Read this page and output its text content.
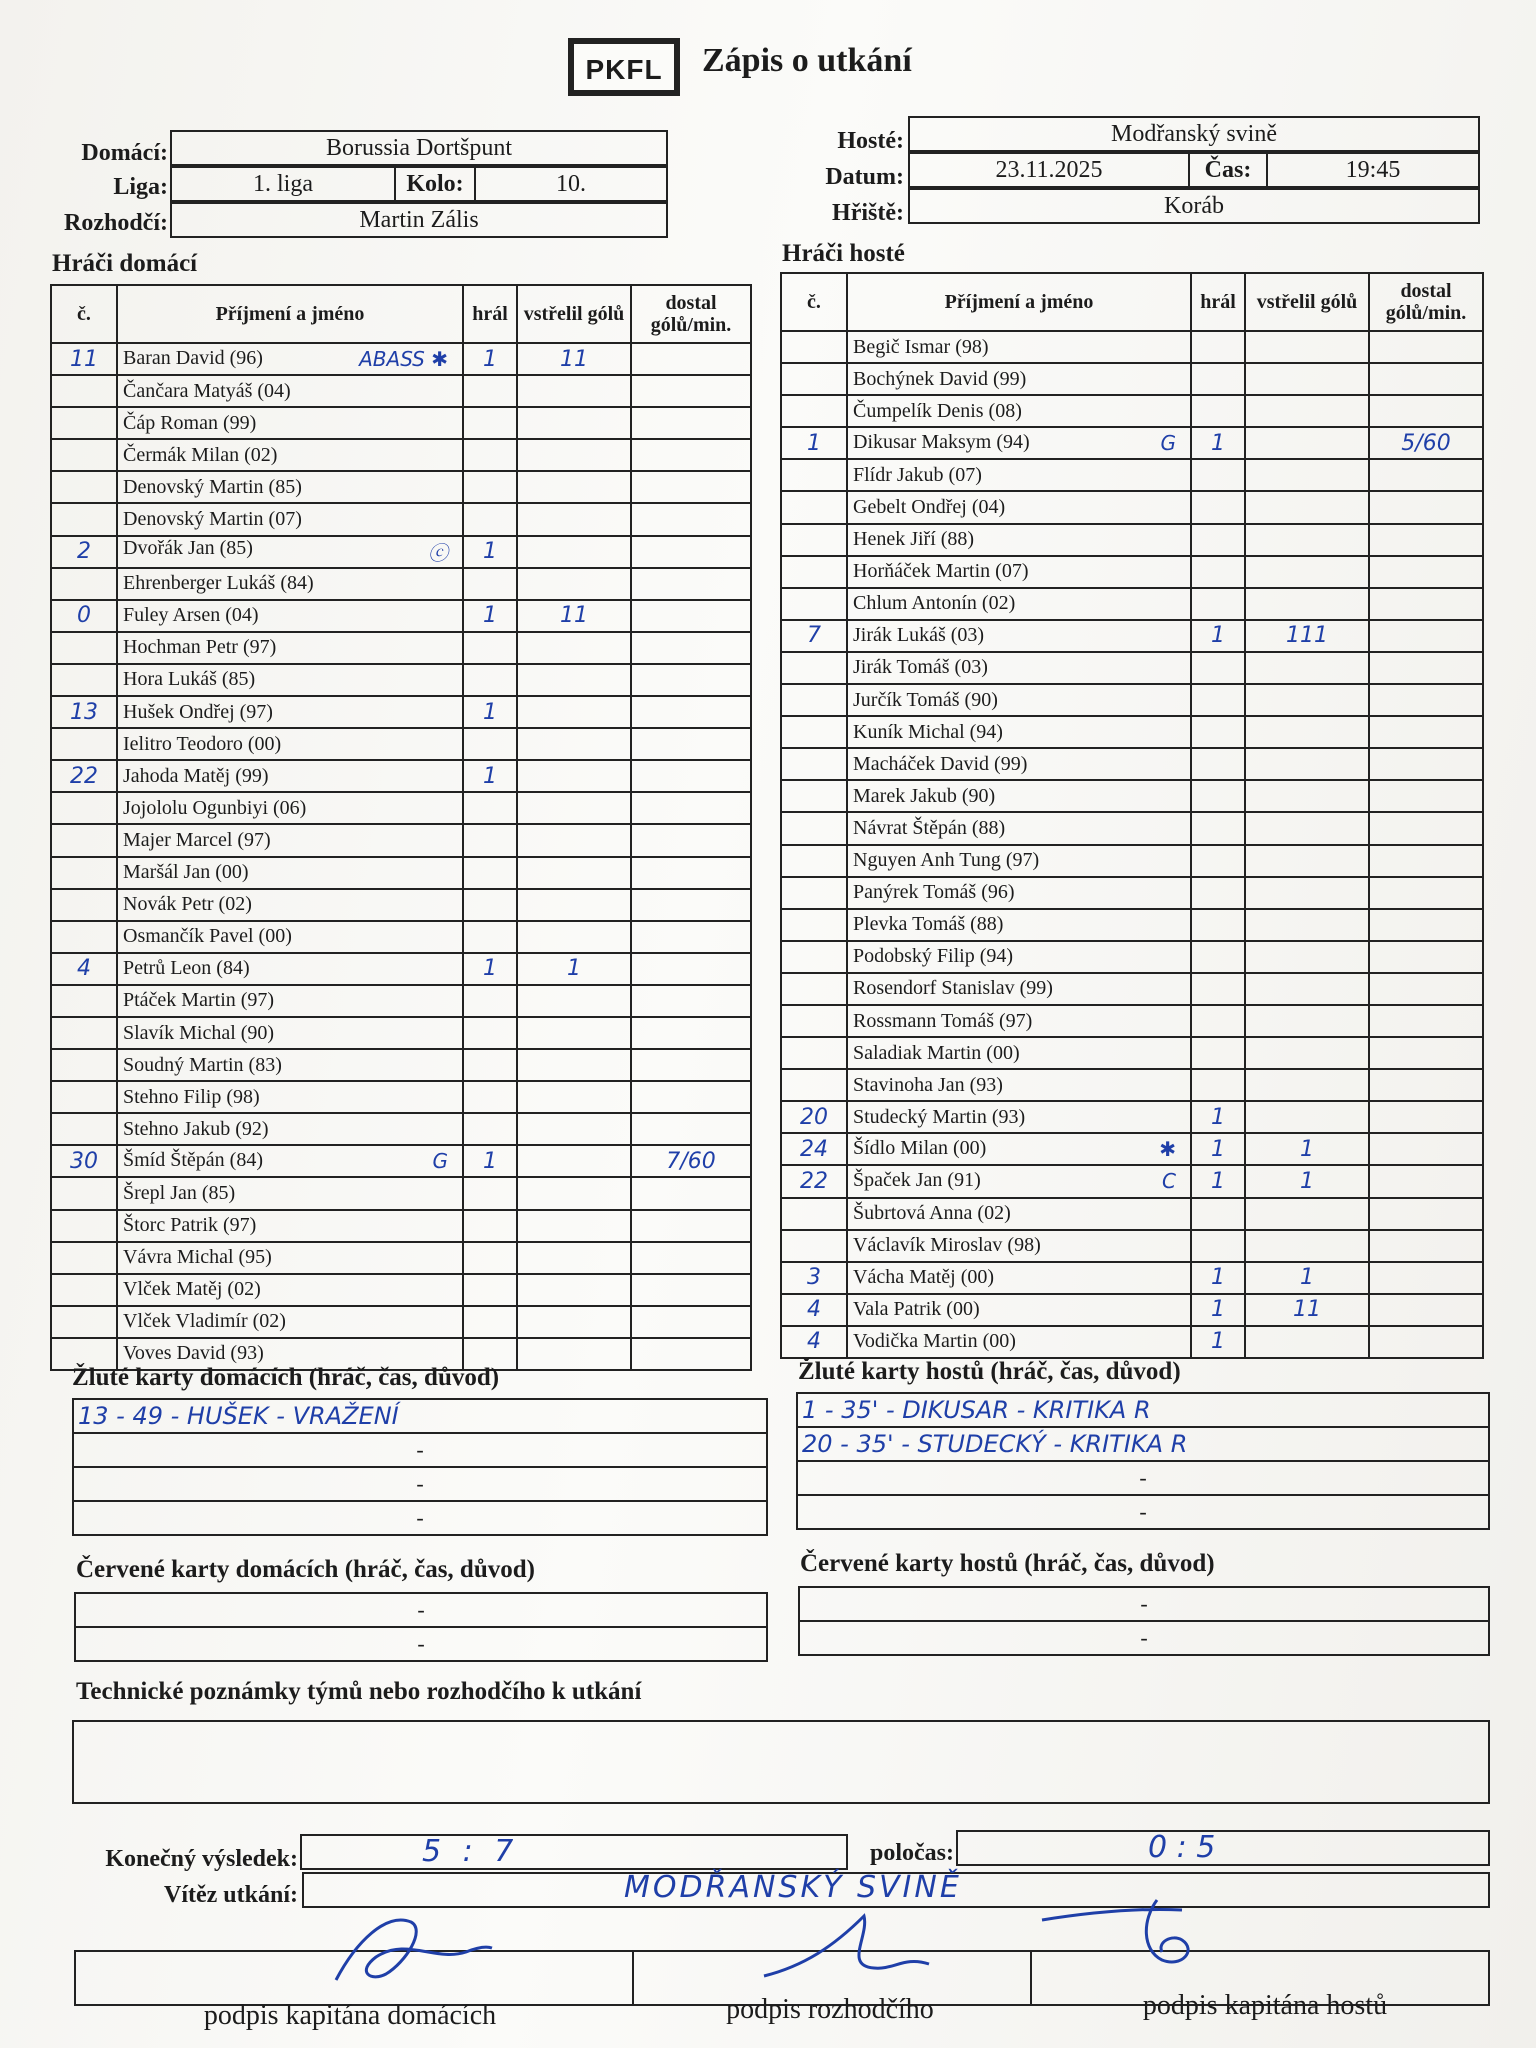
PKFL	Zápis o utkání
Domácí:	Borussia Dortšpunt
Liga:	1. liga	Kolo:	10.
Rozhodčí:	Martin Zális
Hosté:	Modřanský svině
Datum:	23.11.2025	Čas:	19:45
Hřiště:	Koráb
Hráči domácí	Hráči hosté
č.	Příjmení a jméno	hrál	vstřelil gólů	dostal gólů/min.
11	Baran David (96) ABASS ✱	1	11	
	Čančara Matyáš (04)

	Čáp Roman (99)

	Čermák Milan (02)

	Denovský Martin (85)

	Denovský Martin (07)

2	Dvořák Jan (85) ⓒ	1		
	Ehrenberger Lukáš (84)

0	Fuley Arsen (04)	1	11	
	Hochman Petr (97)

	Hora Lukáš (85)

13	Hušek Ondřej (97)	1		
	Ielitro Teodoro (00)

22	Jahoda Matěj (99)	1		
	Jojololu Ogunbiyi (06)

	Majer Marcel (97)

	Maršál Jan (00)

	Novák Petr (02)

	Osmančík Pavel (00)

4	Petrů Leon (84)	1	1	
	Ptáček Martin (97)

	Slavík Michal (90)

	Soudný Martin (83)

	Stehno Filip (98)

	Stehno Jakub (92)

30	Šmíd Štěpán (84) G	1		7/60
	Šrepl Jan (85)

	Štorc Patrik (97)

	Vávra Michal (95)

	Vlček Matěj (02)

	Vlček Vladimír (02)

	Voves David (93)

č.	Příjmení a jméno	hrál	vstřelil gólů	dostal gólů/min.
	Begič Ismar (98)

	Bochýnek David (99)

	Čumpelík Denis (08)

1	Dikusar Maksym (94) G	1		5/60
	Flídr Jakub (07)

	Gebelt Ondřej (04)

	Henek Jiří (88)

	Horňáček Martin (07)

	Chlum Antonín (02)

7	Jirák Lukáš (03)	1	111	
	Jirák Tomáš (03)

	Jurčík Tomáš (90)

	Kuník Michal (94)

	Macháček David (99)

	Marek Jakub (90)

	Návrat Štěpán (88)

	Nguyen Anh Tung (97)

	Panýrek Tomáš (96)

	Plevka Tomáš (88)

	Podobský Filip (94)

	Rosendorf Stanislav (99)

	Rossmann Tomáš (97)

	Saladiak Martin (00)

	Stavinoha Jan (93)

20	Studecký Martin (93)	1		
24	Šídlo Milan (00) ✱	1	1	
22	Špaček Jan (91) C	1	1	
	Šubrtová Anna (02)

	Václavík Miroslav (98)

3	Vácha Matěj (00)	1	1	
4	Vala Patrik (00)	1	11	
4	Vodička Martin (00)	1		
Žluté karty domácích (hráč, čas, důvod)
13 - 49 - HUŠEK - VRAŽENÍ
-
-
-
Žluté karty hostů (hráč, čas, důvod)
1 - 35' - DIKUSAR - KRITIKA R
20 - 35' - STUDECKÝ - KRITIKA R
-
-
Červené karty domácích (hráč, čas, důvod)
-
-
Červené karty hostů (hráč, čas, důvod)
-
-
Technické poznámky týmů nebo rozhodčího k utkání
Konečný výsledek:	5 : 7	poločas:	0 : 5
Vítěz utkání:	MODŘANSKÝ SVINĚ
podpis kapitána domácích	podpis rozhodčího	podpis kapitána hostů
